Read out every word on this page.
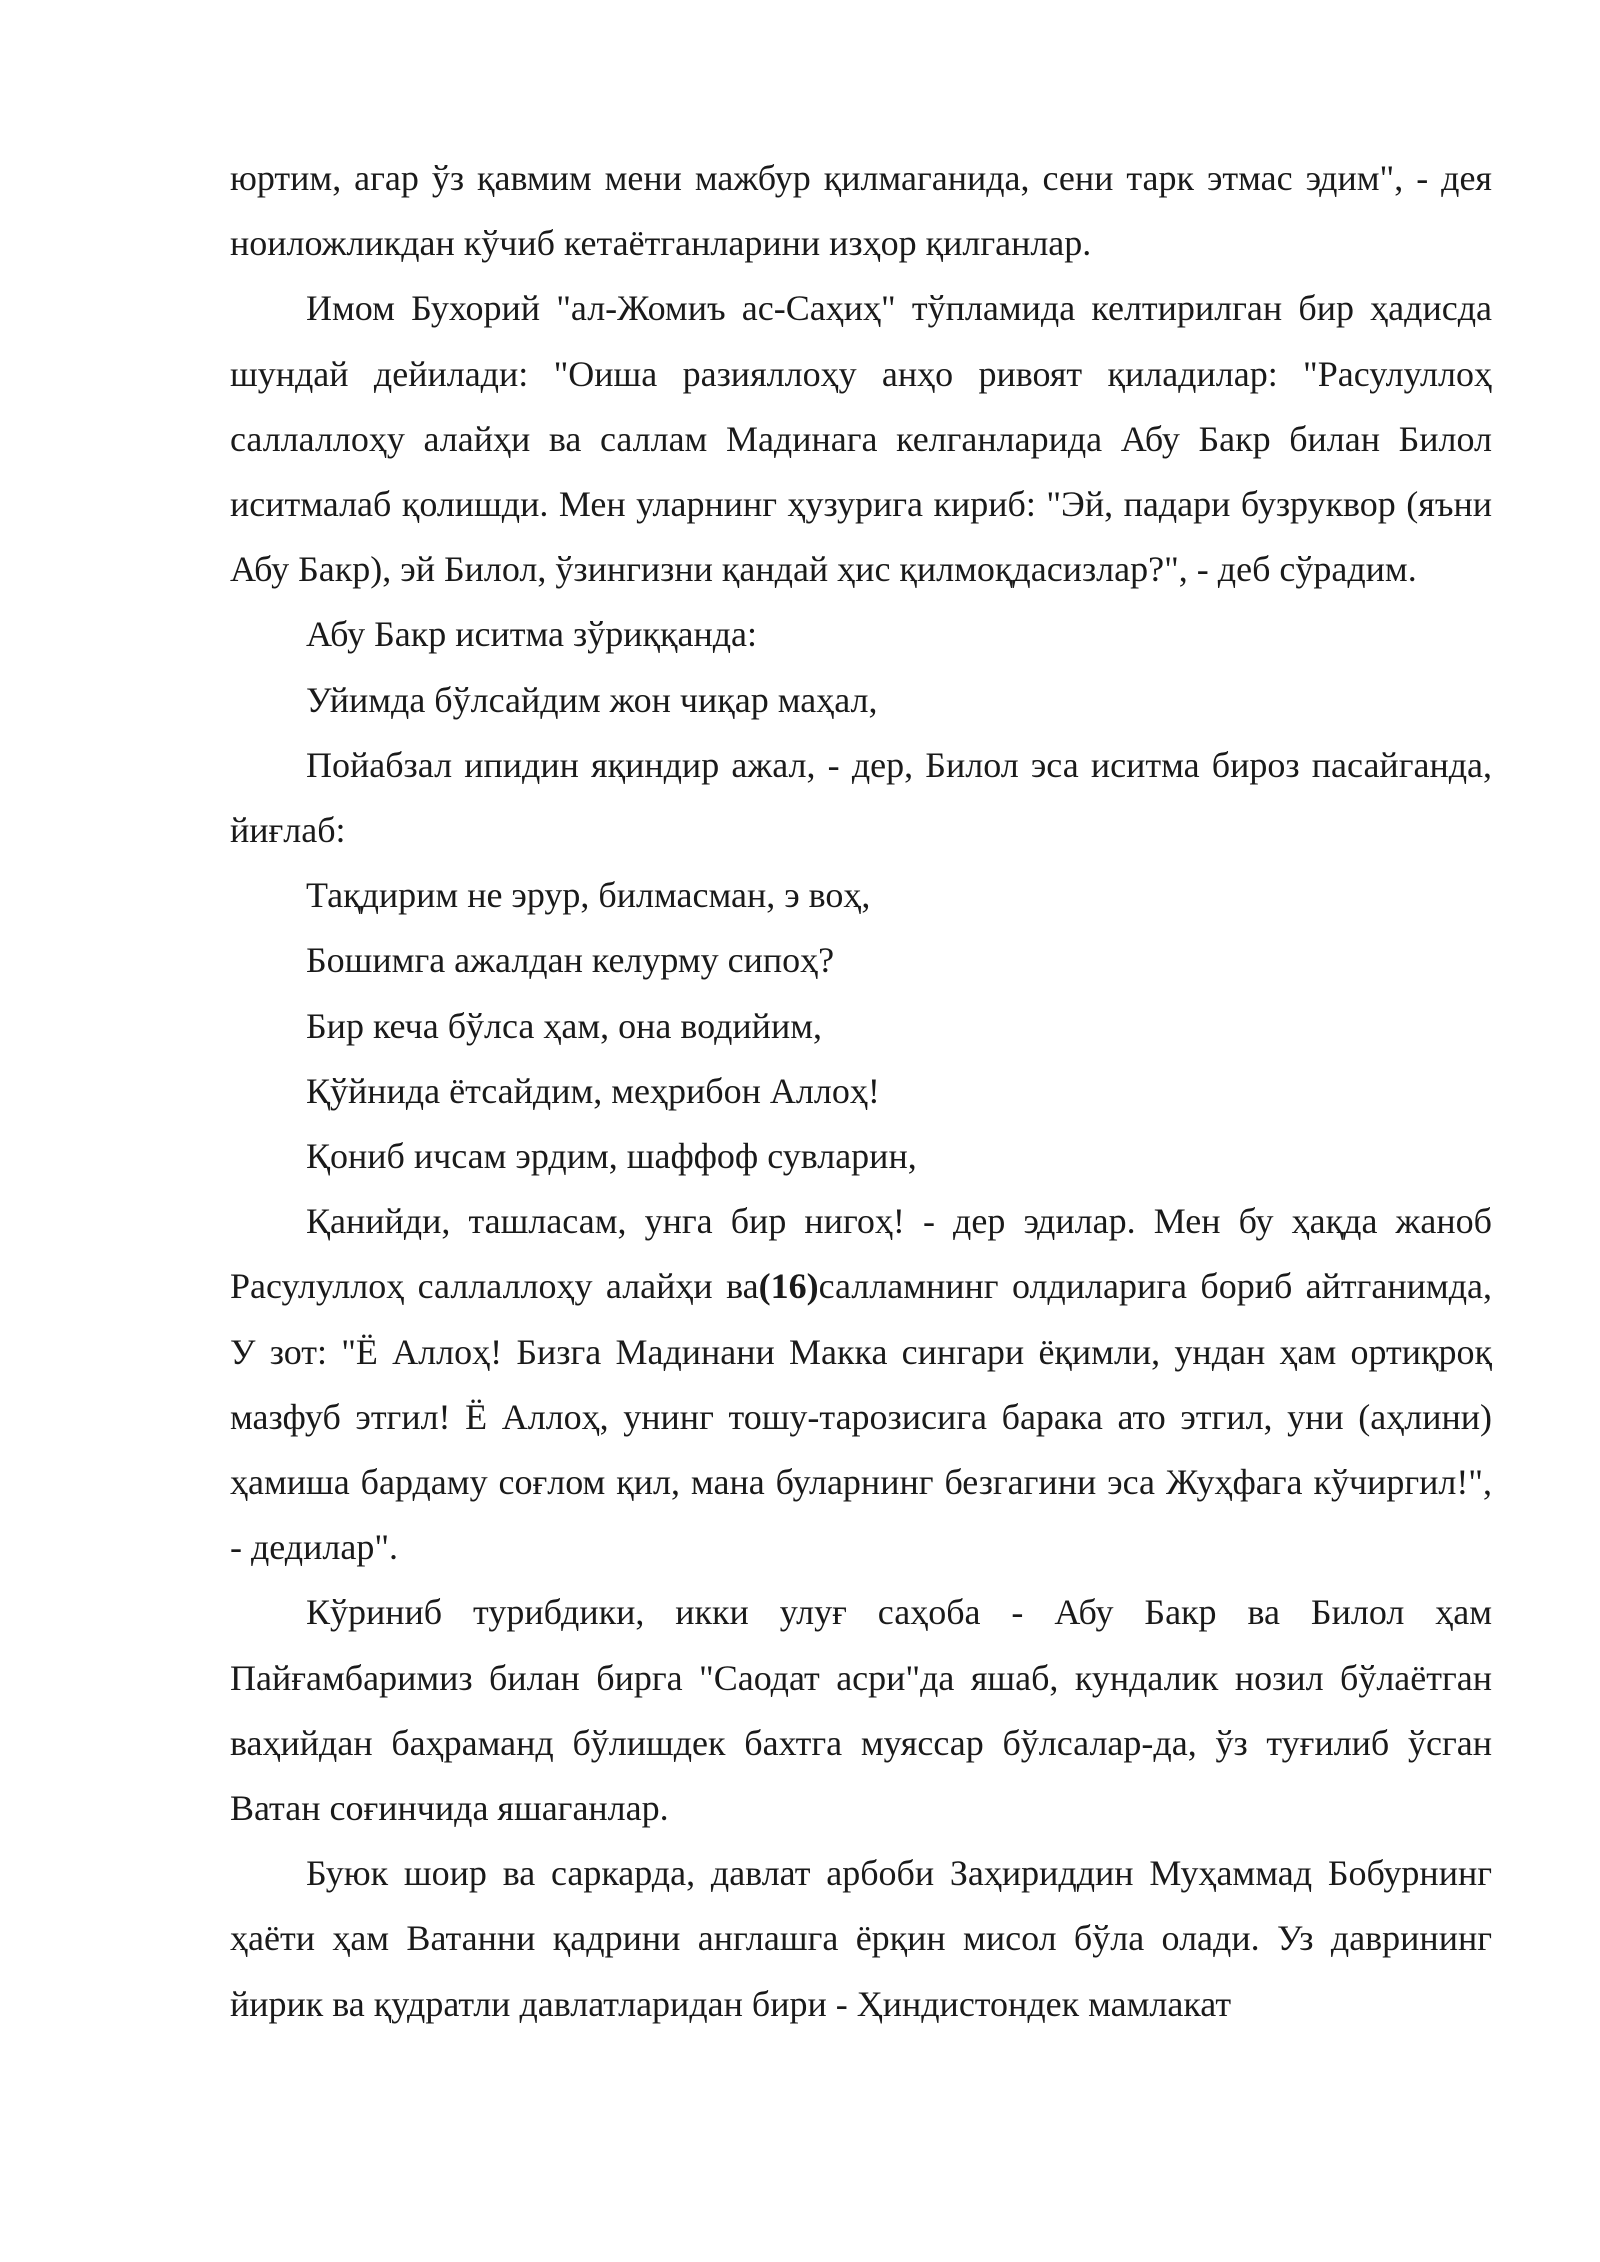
юртим, агар ўз қавмим мени мажбур қилмаганида, сени тарк этмас эдим", - дея ноиложликдан кўчиб кетаётганларини изҳор қилганлар.

Имом Бухорий "ал-Жомиъ ас-Саҳиҳ" тўпламида келтирилган бир ҳадисда шундай дейилади: "Оиша разияллоҳу анҳо ривоят қиладилар: "Расулуллоҳ саллаллоҳу алайҳи ва саллам Мадинага келганларида Абу Бакр билан Билол иситмалаб қолишди. Мен уларнинг ҳузурига кириб: "Эй, падари бузруквор (яъни Абу Бакр), эй Билол, ўзингизни қандай ҳис қилмоқдасизлар?", - деб сўрадим.

Абу Бакр иситма зўриққанда:

Уйимда бўлсайдим жон чиқар маҳал,

Пойабзал ипидин яқиндир ажал, - дер, Билол эса иситма бироз пасайганда, йиғлаб:

Тақдирим не эрур, билмасман, э воҳ,

Бошимга ажалдан келурму сипоҳ?

Бир кеча бўлса ҳам, она водийим,

Қўйнида ётсайдим, меҳрибон Аллоҳ!

Қониб ичсам эрдим, шаффоф сувларин,

Қанийди, ташласам, унга бир нигоҳ! - дер эдилар. Мен бу ҳақда жаноб Расулуллоҳ саллаллоҳу алайҳи ва(16)салламнинг олдиларига бориб айтганимда, У зот: "Ё Аллоҳ! Бизга Мадинани Макка сингари ёқимли, ундан ҳам ортиқроқ мазфуб этгил! Ё Аллоҳ, унинг тошу-тарозисига барака ато этгил, уни (аҳлини) ҳамиша бардаму соғлом қил, мана буларнинг безгагини эса Жуҳфага кўчиргил!", - дедилар".

Кўриниб турибдики, икки улуғ саҳоба - Абу Бакр ва Билол ҳам Пайғамбаримиз билан бирга "Саодат асри"да яшаб, кундалик нозил бўлаётган ваҳийдан баҳраманд бўлишдек бахтга муяссар бўлсалар-да, ўз туғилиб ўсган Ватан соғинчида яшаганлар.

Буюк шоир ва саркарда, давлат арбоби Заҳириддин Муҳаммад Бобурнинг ҳаёти ҳам Ватанни қадрини англашга ёрқин мисол бўла олади. Уз даврининг йирик ва қудратли давлатларидан бири - Ҳиндистондек мамлакат
